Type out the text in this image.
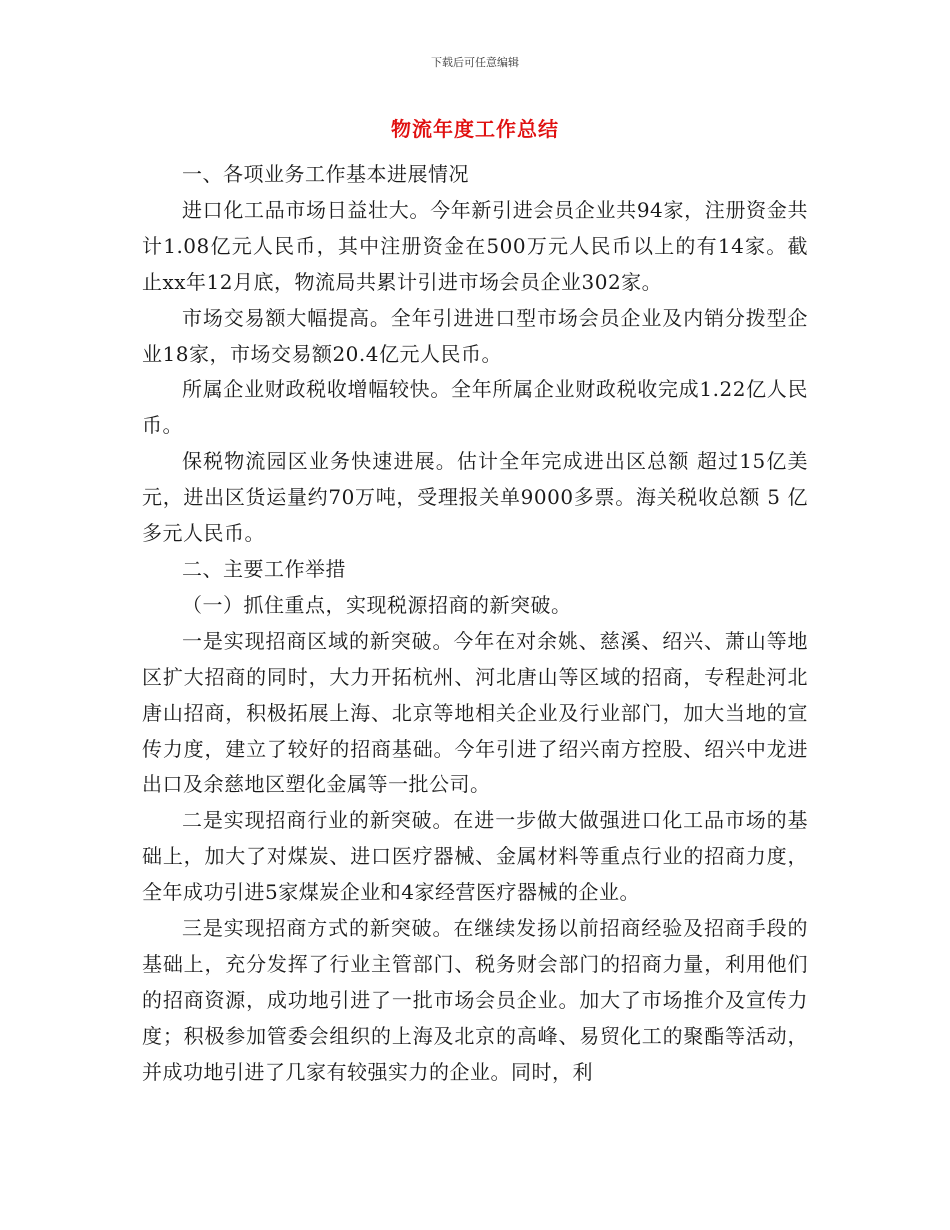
下载后可任意编辑
物流年度工作总结

一、各项业务工作基本进展情况

进口化工品市场日益壮大。今年新引进会员企业共94家，注册资金共计1.08亿元人民币，其中注册资金在500万元人民币以上的有14家。截止xx年12月底，物流局共累计引进市场会员企业302家。

市场交易额大幅提高。全年引进进口型市场会员企业及内销分拨型企业18家，市场交易额20.4亿元人民币。

所属企业财政税收增幅较快。全年所属企业财政税收完成1.22亿人民币。

保税物流园区业务快速进展。估计全年完成进出区总额 超过15亿美元，进出区货运量约70万吨，受理报关单9000多票。海关税收总额 5 亿多元人民币。

二、主要工作举措

（一）抓住重点，实现税源招商的新突破。

一是实现招商区域的新突破。今年在对余姚、慈溪、绍兴、萧山等地区扩大招商的同时，大力开拓杭州、河北唐山等区域的招商，专程赴河北唐山招商，积极拓展上海、北京等地相关企业及行业部门，加大当地的宣传力度，建立了较好的招商基础。今年引进了绍兴南方控股、绍兴中龙进出口及余慈地区塑化金属等一批公司。

二是实现招商行业的新突破。在进一步做大做强进口化工品市场的基础上，加大了对煤炭、进口医疗器械、金属材料等重点行业的招商力度，全年成功引进5家煤炭企业和4家经营医疗器械的企业。

三是实现招商方式的新突破。在继续发扬以前招商经验及招商手段的基础上，充分发挥了行业主管部门、税务财会部门的招商力量，利用他们的招商资源，成功地引进了一批市场会员企业。加大了市场推介及宣传力度；积极参加管委会组织的上海及北京的高峰、易贸化工的聚酯等活动，并成功地引进了几家有较强实力的企业。同时，利
